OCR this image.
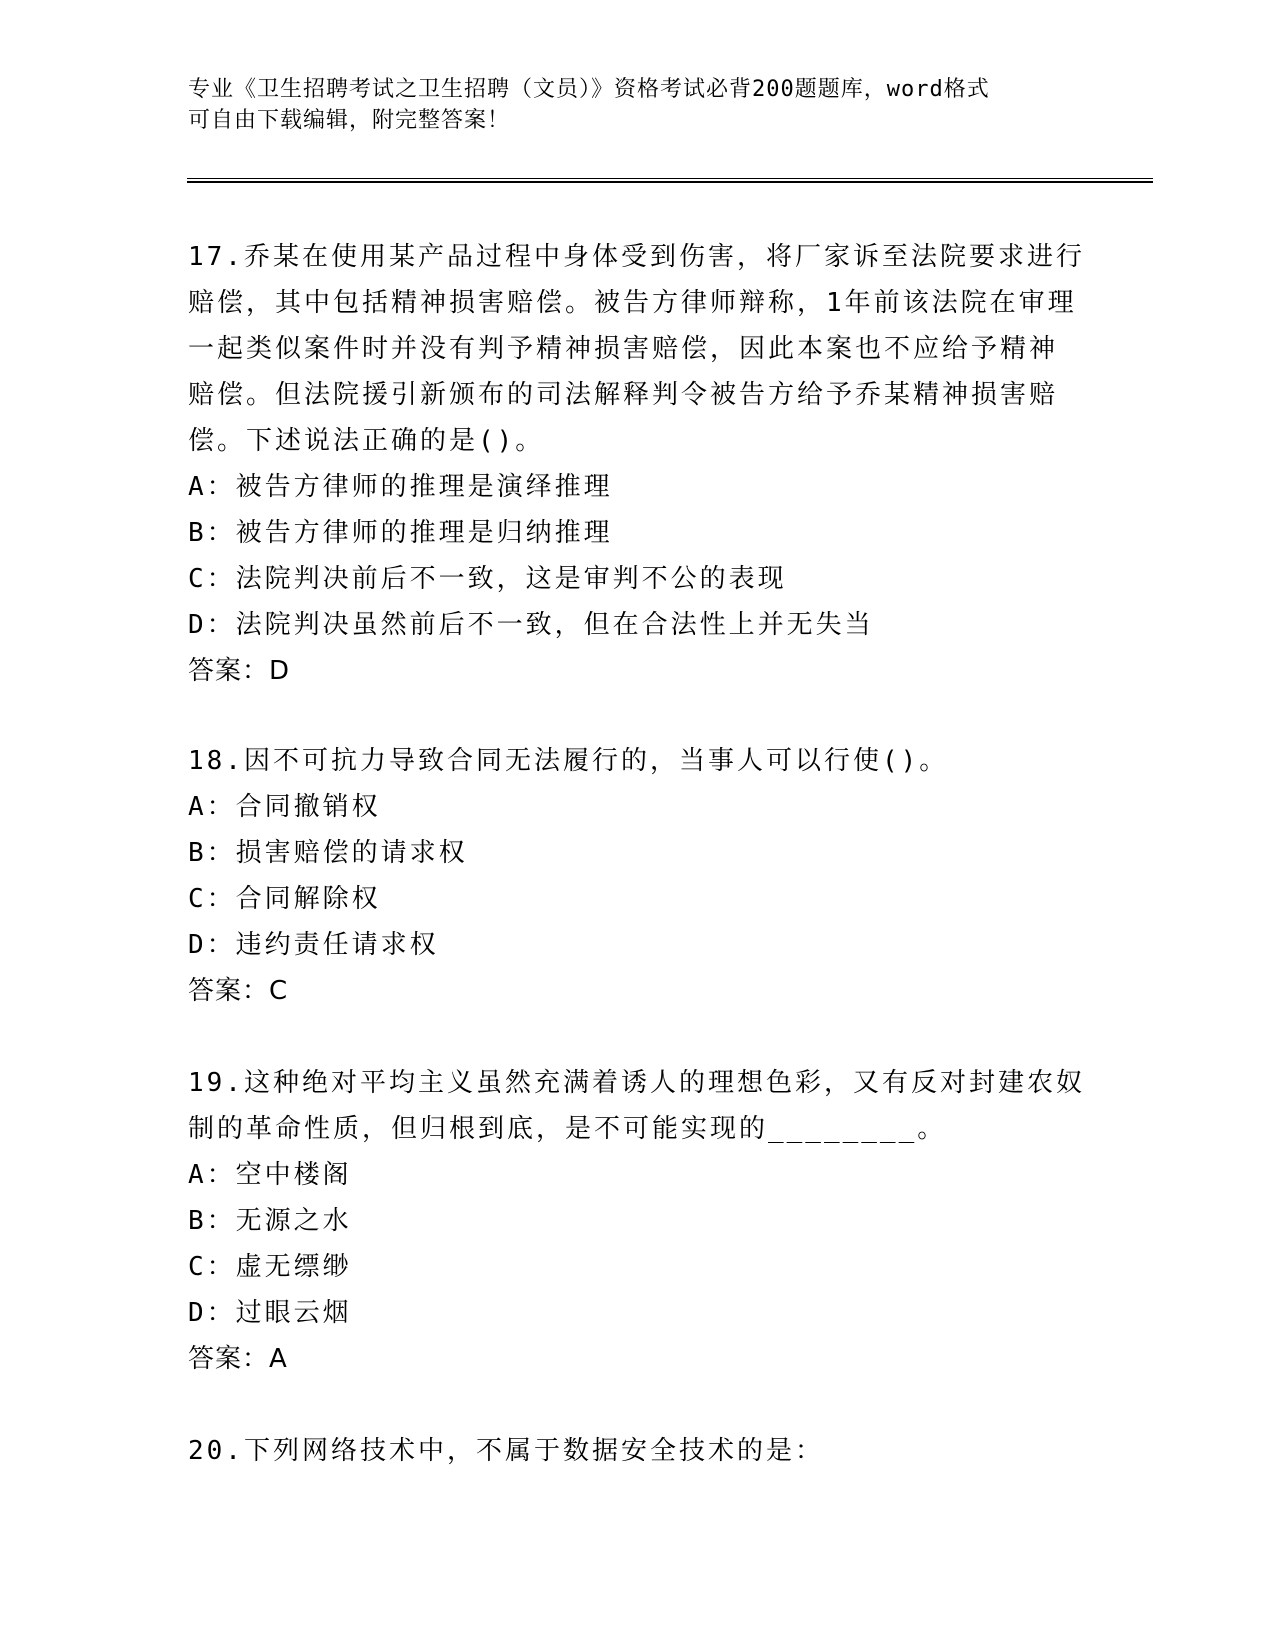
专业《卫生招聘考试之卫生招聘（文员）》资格考试必背200题题库，word格式
可自由下载编辑，附完整答案！
17.乔某在使用某产品过程中身体受到伤害，将厂家诉至法院要求进行
赔偿，其中包括精神损害赔偿。被告方律师辩称，1年前该法院在审理
一起类似案件时并没有判予精神损害赔偿，因此本案也不应给予精神
赔偿。但法院援引新颁布的司法解释判令被告方给予乔某精神损害赔
偿。下述说法正确的是()。
A：被告方律师的推理是演绎推理
B：被告方律师的推理是归纳推理
C：法院判决前后不一致，这是审判不公的表现
D：法院判决虽然前后不一致，但在合法性上并无失当
答案：D
18.因不可抗力导致合同无法履行的，当事人可以行使()。
A：合同撤销权
B：损害赔偿的请求权
C：合同解除权
D：违约责任请求权
答案：C
19.这种绝对平均主义虽然充满着诱人的理想色彩，又有反对封建农奴
制的革命性质，但归根到底，是不可能实现的________。
A：空中楼阁
B：无源之水
C：虚无缥缈
D：过眼云烟
答案：A
20.下列网络技术中，不属于数据安全技术的是：
